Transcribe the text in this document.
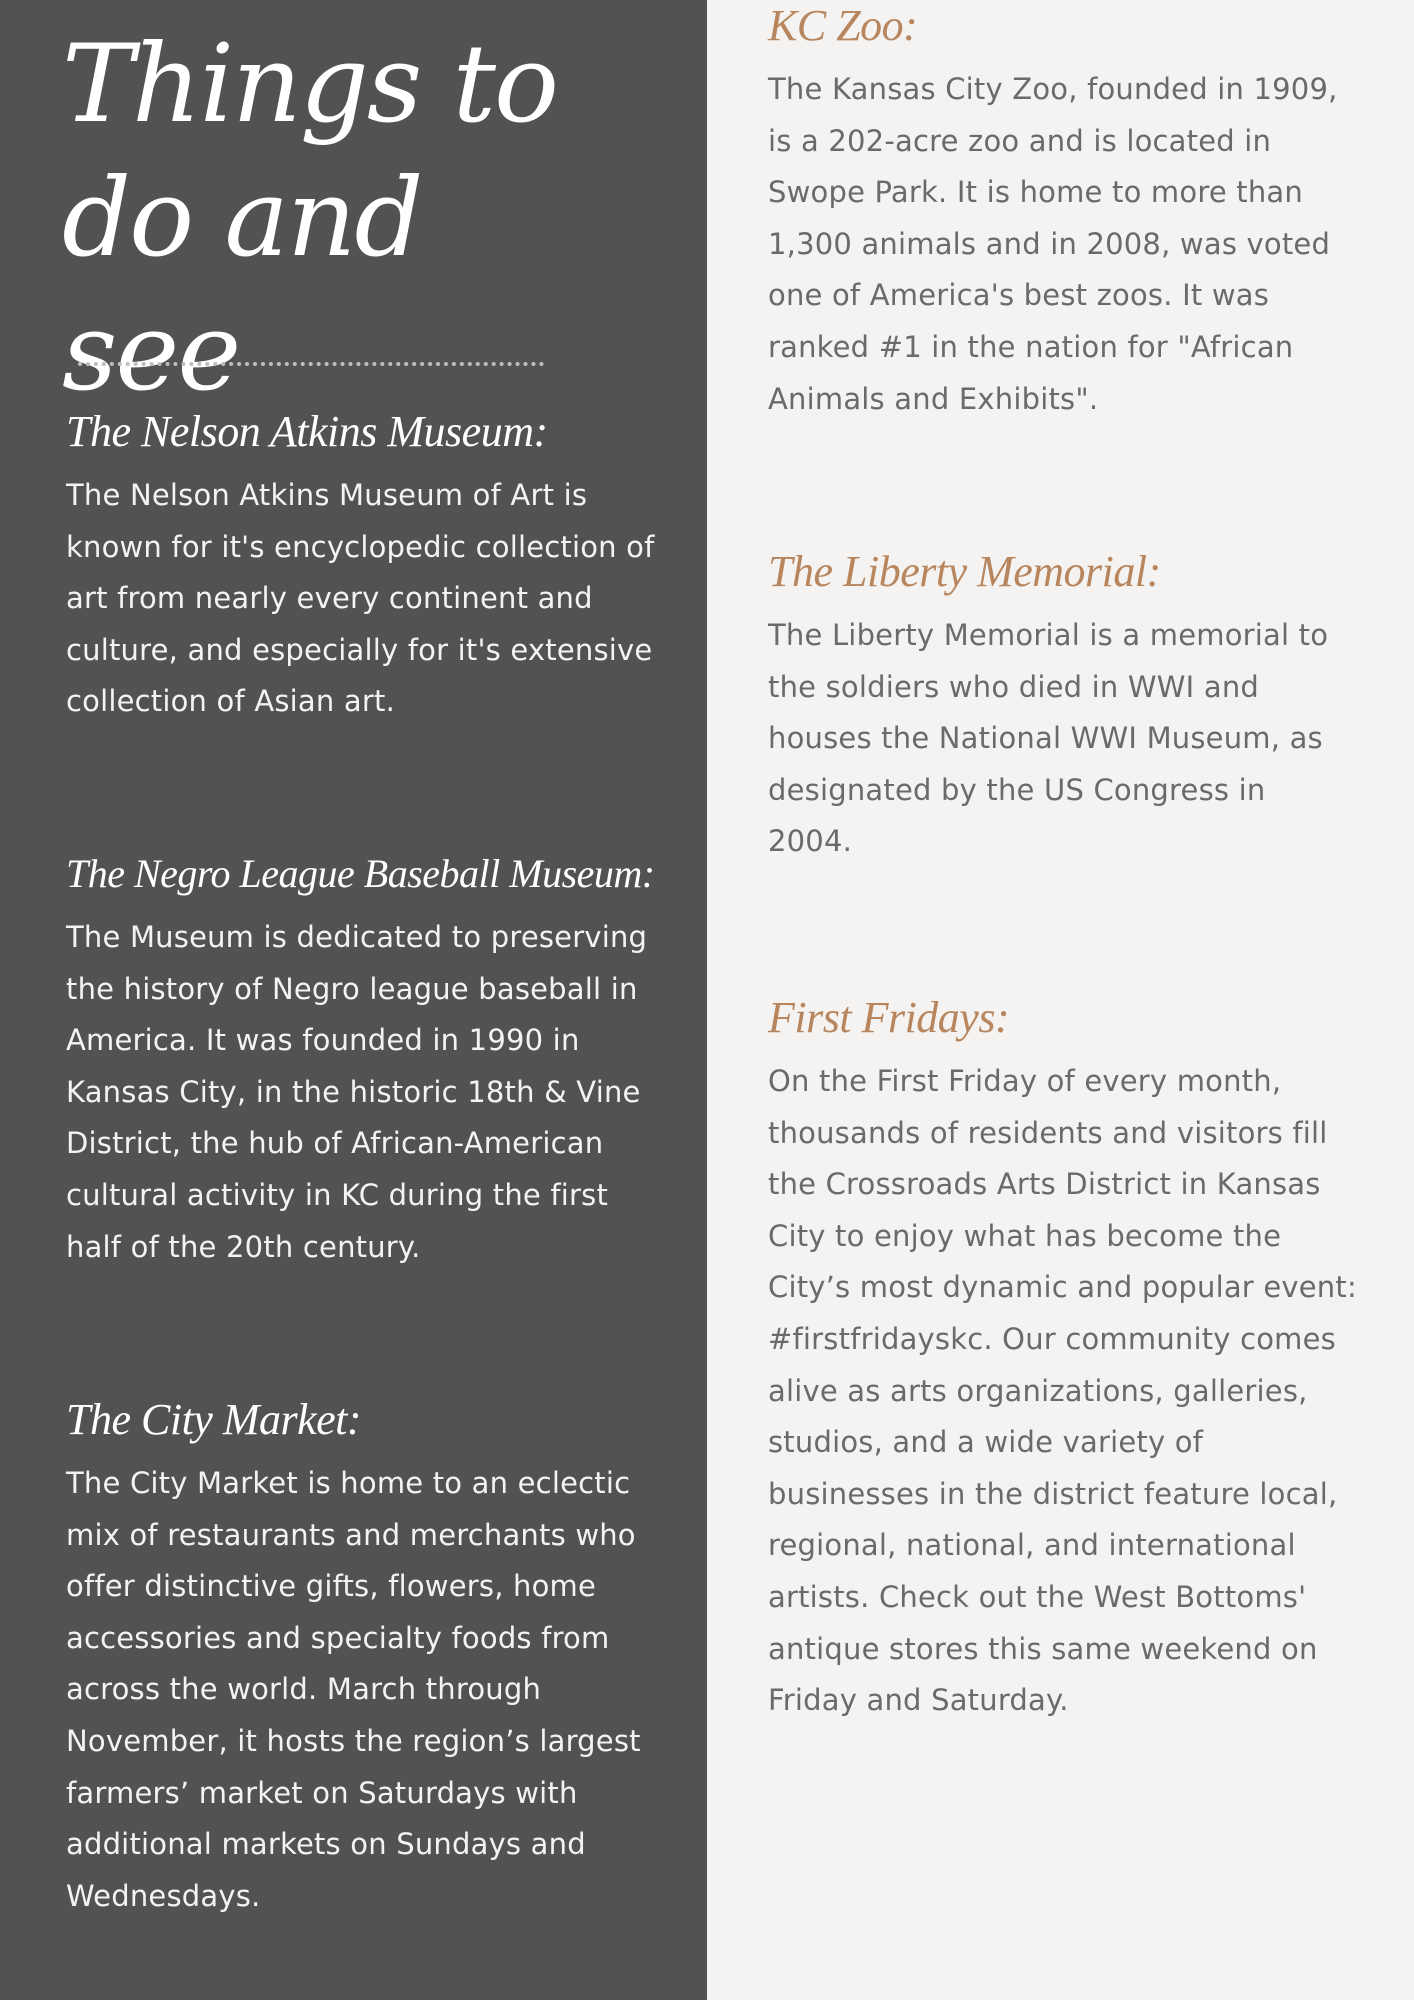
Things to do and see
The Nelson Atkins Museum:

The Nelson Atkins Museum of Art is known for it's encyclopedic collection of art from nearly every continent and culture, and especially for it's extensive collection of Asian art.

The Negro League Baseball Museum:

The Museum is dedicated to preserving the history of Negro league baseball in America. It was founded in 1990 in Kansas City, in the historic 18th & Vine District, the hub of African-American cultural activity in KC during the first half of the 20th century.

The City Market:

The City Market is home to an eclectic mix of restaurants and merchants who offer distinctive gifts, flowers, home accessories and specialty foods from across the world. March through November, it hosts the region’s largest farmers’ market on Saturdays with additional markets on Sundays and Wednesdays.

KC Zoo:

The Kansas City Zoo, founded in 1909, is a 202-acre zoo and is located in Swope Park. It is home to more than 1,300 animals and in 2008, was voted one of America's best zoos. It was ranked #1 in the nation for "African Animals and Exhibits".

The Liberty Memorial:

The Liberty Memorial is a memorial to the soldiers who died in WWI and houses the National WWI Museum, as designated by the US Congress in 2004.

First Fridays:

On the First Friday of every month, thousands of residents and visitors fill the Crossroads Arts District in Kansas City to enjoy what has become the City’s most dynamic and popular event: #firstfridayskc. Our community comes alive as arts organizations, galleries, studios, and a wide variety of businesses in the district feature local, regional, national, and international artists. Check out the West Bottoms' antique stores this same weekend on Friday and Saturday.
